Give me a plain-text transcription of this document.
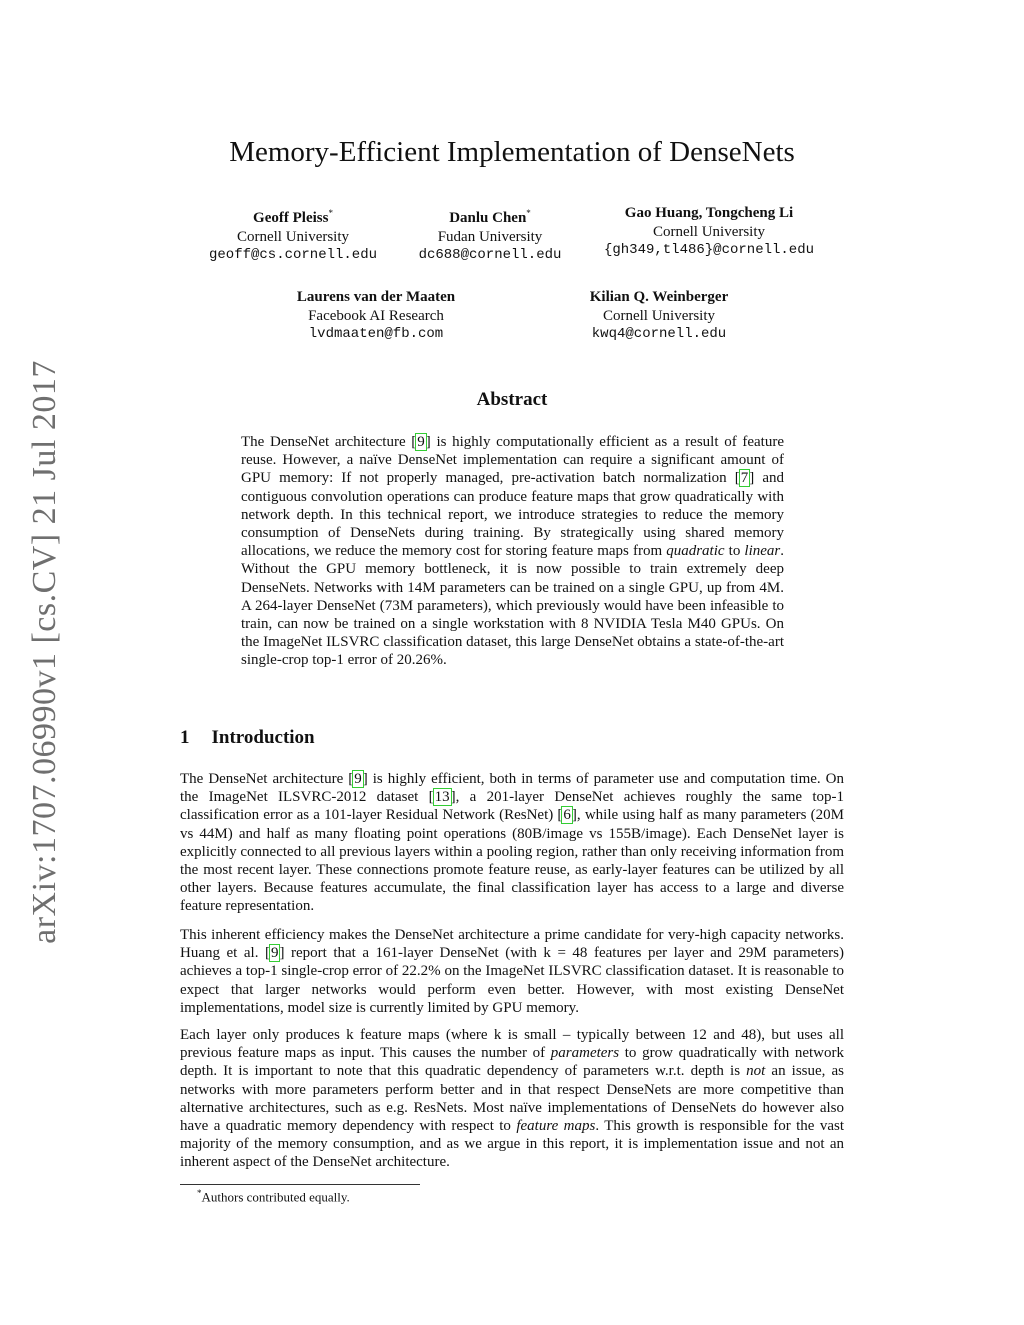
arXiv:1707.06990v1 [cs.CV] 21 Jul 2017
Memory-Efficient Implementation of DenseNets
Geoff Pleiss*
Cornell University
geoff@cs.cornell.edu
Danlu Chen*
Fudan University
dc688@cornell.edu
Gao Huang, Tongcheng Li
Cornell University
{gh349,tl486}@cornell.edu
Laurens van der Maaten
Facebook AI Research
lvdmaaten@fb.com
Kilian Q. Weinberger
Cornell University
kwq4@cornell.edu
Abstract

The DenseNet architecture [9] is highly computationally efficient as a result of feature reuse. However, a naïve DenseNet implementation can require a significant amount of GPU memory: If not properly managed, pre-activation batch normalization [7] and contiguous convolution operations can produce feature maps that grow quadratically with network depth. In this technical report, we introduce strategies to reduce the memory consumption of DenseNets during training. By strategically using shared memory allocations, we reduce the memory cost for storing feature maps from quadratic to linear. Without the GPU memory bottleneck, it is now possible to train extremely deep DenseNets. Networks with 14M parameters can be trained on a single GPU, up from 4M. A 264-layer DenseNet (73M parameters), which previously would have been infeasible to train, can now be trained on a single workstation with 8 NVIDIA Tesla M40 GPUs. On the ImageNet ILSVRC classification dataset, this large DenseNet obtains a state-of-the-art single-crop top-1 error of 20.26%.

1 Introduction

The DenseNet architecture [9] is highly efficient, both in terms of parameter use and computation time. On the ImageNet ILSVRC-2012 dataset [13], a 201-layer DenseNet achieves roughly the same top-1 classification error as a 101-layer Residual Network (ResNet) [6], while using half as many parameters (20M vs 44M) and half as many floating point operations (80B/image vs 155B/image). Each DenseNet layer is explicitly connected to all previous layers within a pooling region, rather than only receiving information from the most recent layer. These connections promote feature reuse, as early-layer features can be utilized by all other layers. Because features accumulate, the final classification layer has access to a large and diverse feature representation.

This inherent efficiency makes the DenseNet architecture a prime candidate for very-high capacity networks. Huang et al. [9] report that a 161-layer DenseNet (with k = 48 features per layer and 29M parameters) achieves a top-1 single-crop error of 22.2% on the ImageNet ILSVRC classification dataset. It is reasonable to expect that larger networks would perform even better. However, with most existing DenseNet implementations, model size is currently limited by GPU memory.

Each layer only produces k feature maps (where k is small – typically between 12 and 48), but uses all previous feature maps as input. This causes the number of parameters to grow quadratically with network depth. It is important to note that this quadratic dependency of parameters w.r.t. depth is not an issue, as networks with more parameters perform better and in that respect DenseNets are more competitive than alternative architectures, such as e.g. ResNets. Most naïve implementations of DenseNets do however also have a quadratic memory dependency with respect to feature maps. This growth is responsible for the vast majority of the memory consumption, and as we argue in this report, it is implementation issue and not an inherent aspect of the DenseNet architecture.

*Authors contributed equally.
